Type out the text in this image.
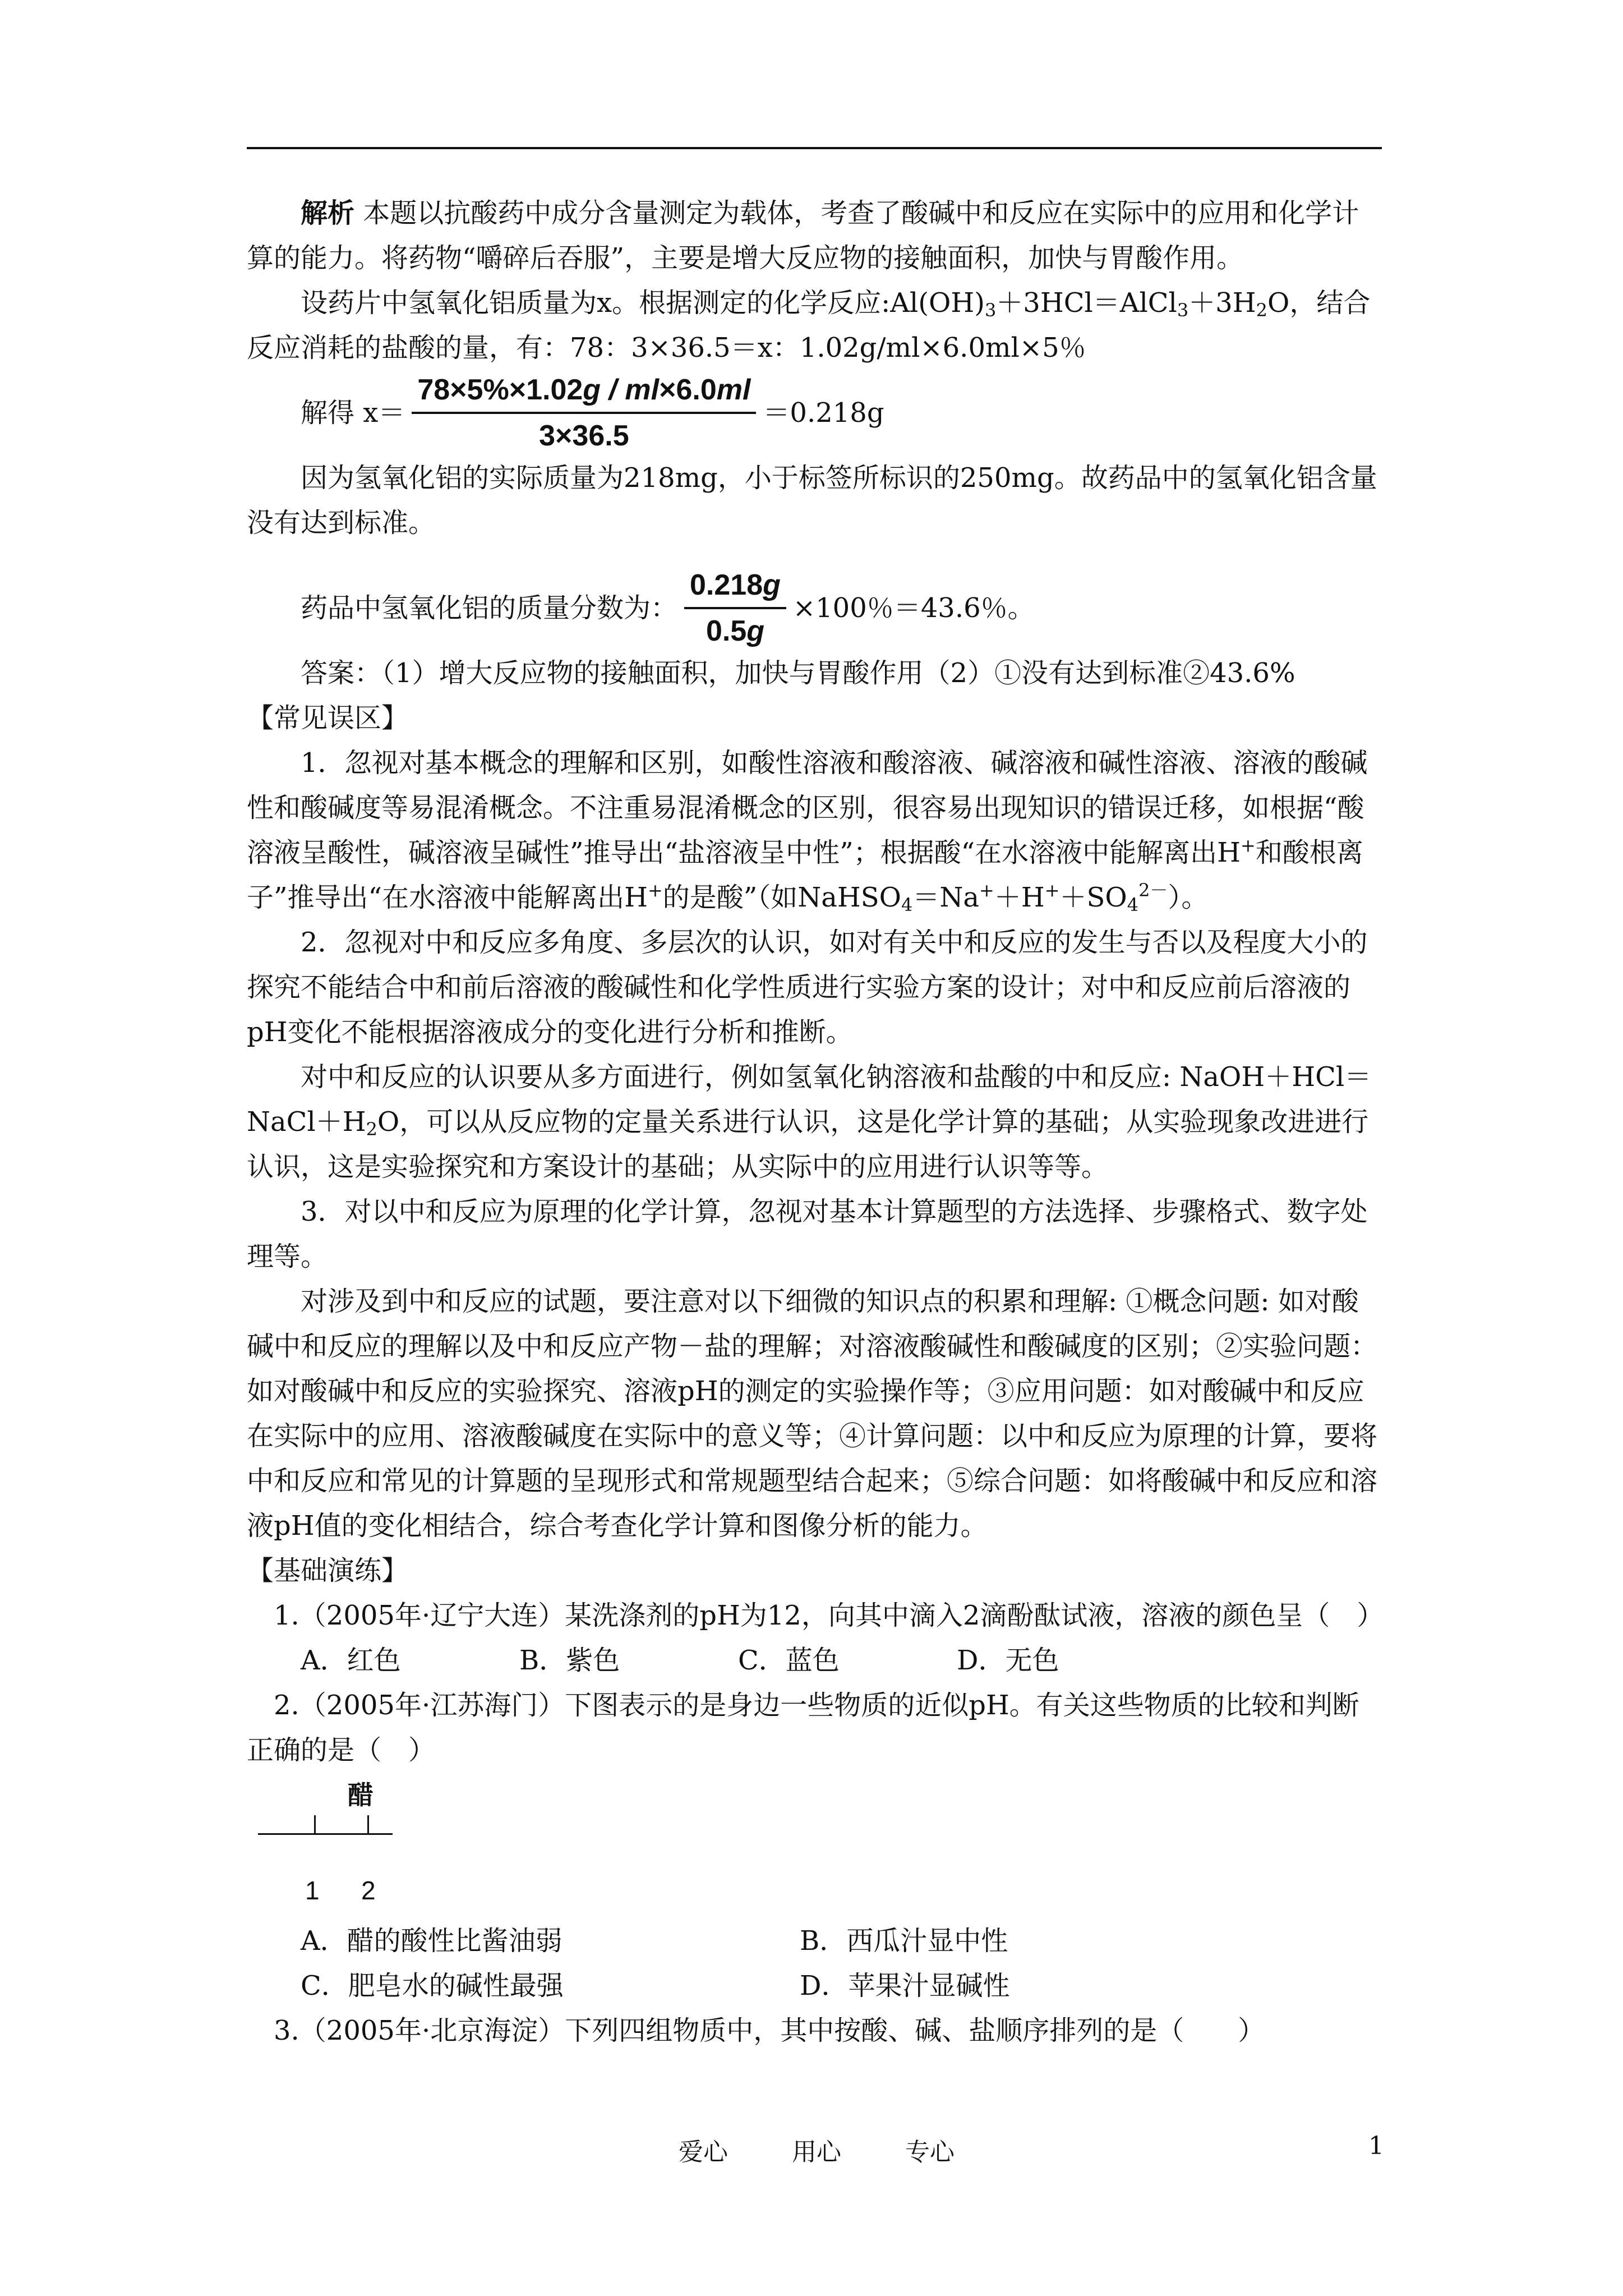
解析 本题以抗酸药中成分含量测定为载体，考查了酸碱中和反应在实际中的应用和化学计算的能力。将药物“嚼碎后吞服”，主要是增大反应物的接触面积，加快与胃酸作用。

设药片中氢氧化铝质量为x。根据测定的化学反应$:Al(OH)_3+3HCl=AlCl_3+3H_2O$，结合反应消耗的盐酸的量，有：78：3×36.5＝x：1.02g/ml×6.0ml×5％

解得 $x= \frac{78\times 5\%\times 1.02g / ml\times 6.0ml}{3\times 36.5} =0.218g$

因为氢氧化铝的实际质量为218mg，小于标签所标识的250mg。故药品中的氢氧化铝含量没有达到标准。

药品中氢氧化铝的质量分数为： $\frac{0.218g}{0.5g} \times 100$％＝43.6％。

答案：（1）增大反应物的接触面积，加快与胃酸作用（2）①没有达到标准②43.6%

【常见误区】

1．忽视对基本概念的理解和区别，如酸性溶液和酸溶液、碱溶液和碱性溶液、溶液的酸碱性和酸碱度等易混淆概念。不注重易混淆概念的区别，很容易出现知识的错误迁移，如根据“酸溶液呈酸性，碱溶液呈碱性”推导出“盐溶液呈中性”；根据酸“在水溶液中能解离出H+和酸根离子”推导出“在水溶液中能解离出H+的是酸”（如$NaHSO_4=Na^++H^++SO_4^{2-}$）。

2．忽视对中和反应多角度、多层次的认识，如对有关中和反应的发生与否以及程度大小的探究不能结合中和前后溶液的酸碱性和化学性质进行实验方案的设计；对中和反应前后溶液的pH变化不能根据溶液成分的变化进行分析和推断。

对中和反应的认识要从多方面进行，例如氢氧化钠溶液和盐酸的中和反应: $NaOH+HCl=NaCl+H_2O$，可以从反应物的定量关系进行认识，这是化学计算的基础；从实验现象改进进行认识，这是实验探究和方案设计的基础；从实际中的应用进行认识等等。

3．对以中和反应为原理的化学计算，忽视对基本计算题型的方法选择、步骤格式、数字处理等。

对涉及到中和反应的试题，要注意对以下细微的知识点的积累和理解: ①概念问题: 如对酸碱中和反应的理解以及中和反应产物－盐的理解；对溶液酸碱性和酸碱度的区别；②实验问题：如对酸碱中和反应的实验探究、溶液pH的测定的实验操作等；③应用问题：如对酸碱中和反应在实际中的应用、溶液酸碱度在实际中的意义等；④计算问题：以中和反应为原理的计算，要将中和反应和常见的计算题的呈现形式和常规题型结合起来；⑤综合问题：如将酸碱中和反应和溶液pH值的变化相结合，综合考查化学计算和图像分析的能力。

【基础演练】

1.（2005年·辽宁大连）某洗涤剂的pH为12，向其中滴入2滴酚酞试液，溶液的颜色呈（　）

A．红色	B．紫色	C．蓝色	D．无色

2.（2005年·江苏海门）下图表示的是身边一些物质的近似pH。有关这些物质的比较和判断正确的是（　）

醋
1 2
A．醋的酸性比酱油弱	B．西瓜汁显中性
C．肥皂水的碱性最强	D．苹果汁显碱性

3.（2005年·北京海淀）下列四组物质中，其中按酸、碱、盐顺序排列的是（　　）

爱心	用心	专心	1
